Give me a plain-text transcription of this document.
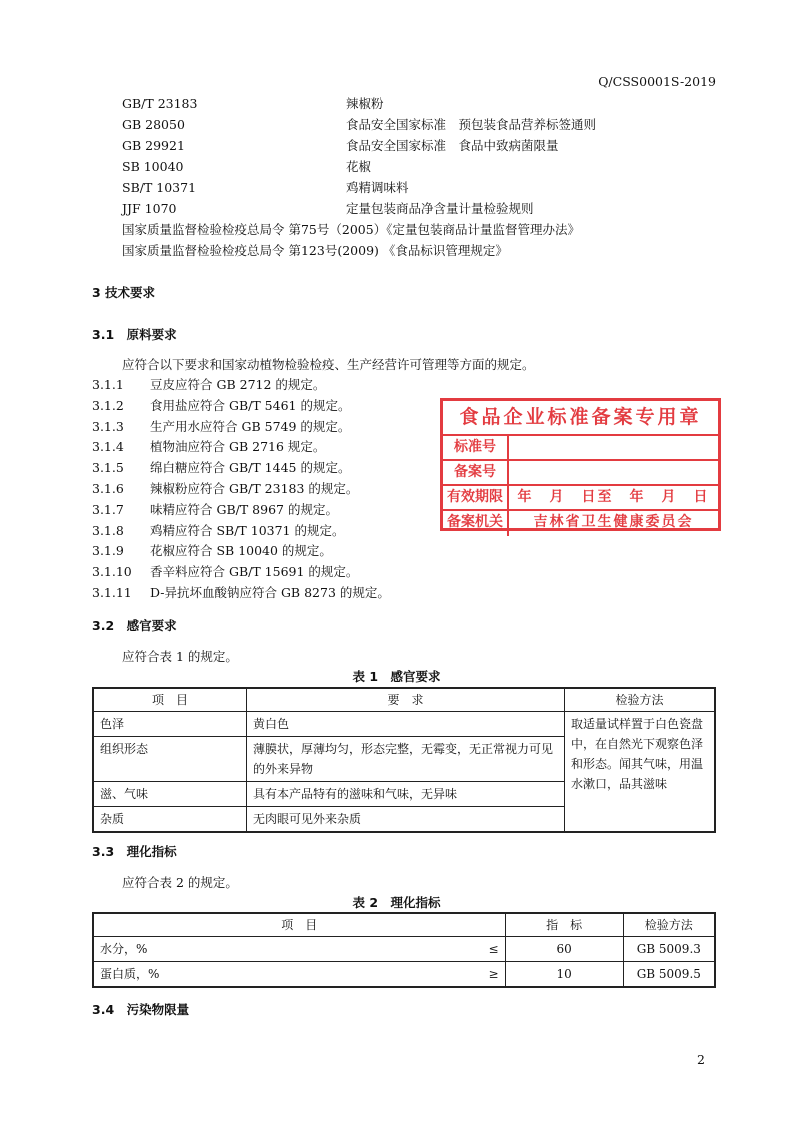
Q/CSS0001S-2019
GB/T 23183	辣椒粉
GB 28050	食品安全国家标准　预包装食品营养标签通则
GB 29921	食品安全国家标准　食品中致病菌限量
SB 10040	花椒
SB/T 10371	鸡精调味料
JJF 1070	定量包装商品净含量计量检验规则
国家质量监督检验检疫总局令 第75号（2005）《定量包装商品计量监督管理办法》
国家质量监督检验检疫总局令 第123号(2009) 《食品标识管理规定》
3 技术要求
3.1　原料要求
应符合以下要求和国家动植物检验检疫、生产经营许可管理等方面的规定。
3.1.1 豆皮应符合 GB 2712 的规定。
3.1.2 食用盐应符合 GB/T 5461 的规定。
3.1.3 生产用水应符合 GB 5749 的规定。
3.1.4 植物油应符合 GB 2716 规定。
3.1.5 绵白糖应符合 GB/T 1445 的规定。
3.1.6 辣椒粉应符合 GB/T 23183 的规定。
3.1.7 味精应符合 GB/T 8967 的规定。
3.1.8 鸡精应符合 SB/T 10371 的规定。
3.1.9 花椒应符合 SB 10040 的规定。
3.1.10 香辛料应符合 GB/T 15691 的规定。
3.1.11 D-异抗坏血酸钠应符合 GB 8273 的规定。
食品企业标准备案专用章
标准号
备案号
有效期限	年　月　日至　年　月　日
备案机关	吉林省卫生健康委员会
3.2　感官要求
应符合表 1 的规定。
表 1　感官要求
项　目	要　求	检验方法
色泽	黄白色	取适量试样置于白色瓷盘中，在自然光下观察色泽和形态。闻其气味，用温水漱口，品其滋味
组织形态	薄膜状，厚薄均匀，形态完整，无霉变，无正常视力可见的外来异物	
滋、气味	具有本产品特有的滋味和气味，无异味	
杂质	无肉眼可见外来杂质	
3.3　理化指标
应符合表 2 的规定。
表 2　理化指标
项　目		指　标	检验方法
水分，%	≤	60	GB 5009.3
蛋白质，%	≥	10	GB 5009.5
3.4　污染物限量
2
